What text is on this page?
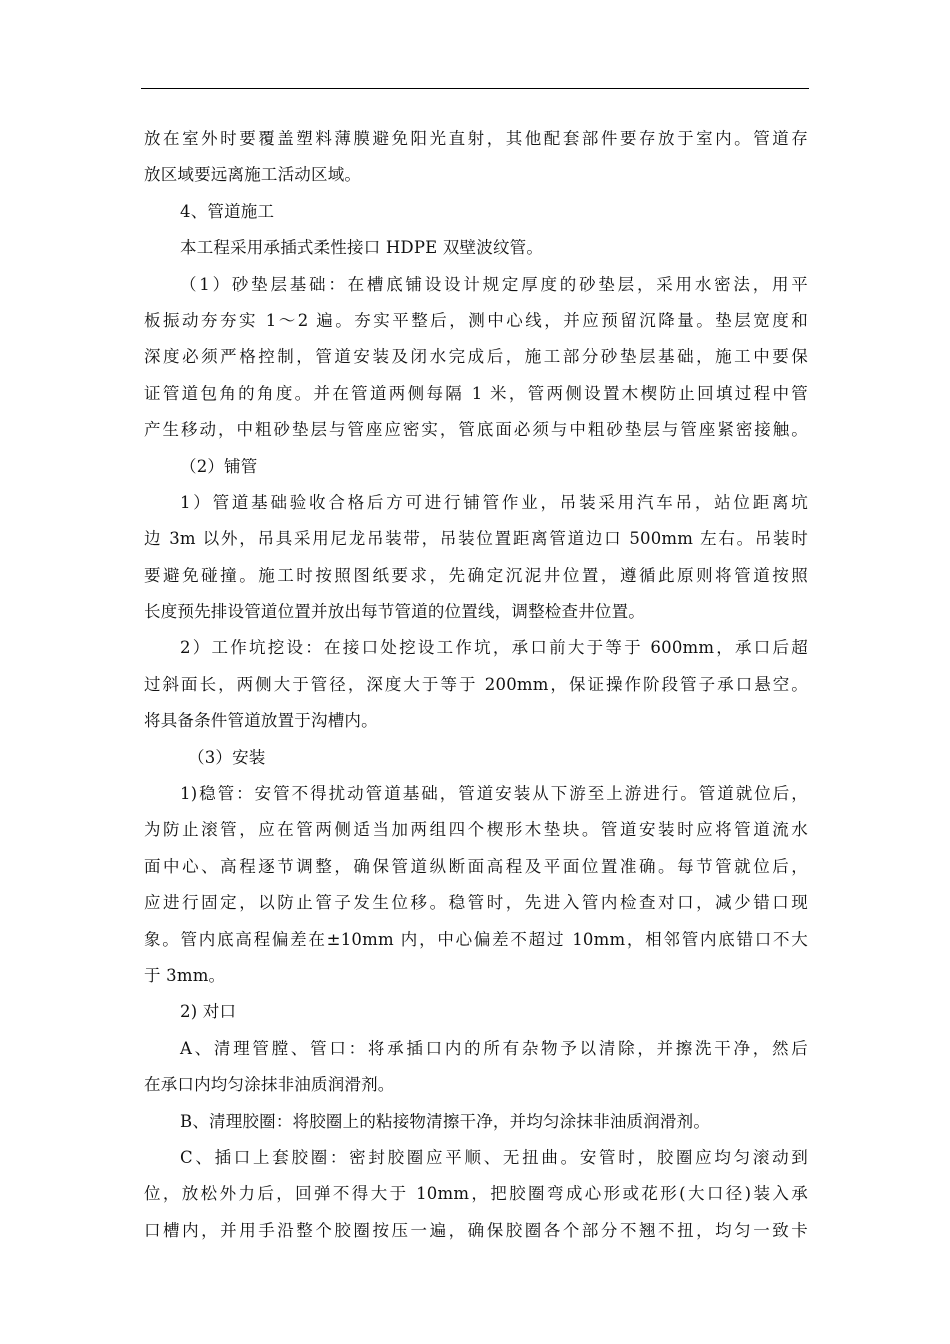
放在室外时要覆盖塑料薄膜避免阳光直射，其他配套部件要存放于室内。管道存
放区域要远离施工活动区域。
4、管道施工
本工程采用承插式柔性接口 HDPE 双壁波纹管。
（1）砂垫层基础：在槽底铺设设计规定厚度的砂垫层，采用水密法，用平
板振动夯夯实 1～2 遍。夯实平整后，测中心线，并应预留沉降量。垫层宽度和
深度必须严格控制，管道安装及闭水完成后，施工部分砂垫层基础，施工中要保
证管道包角的角度。并在管道两侧每隔 1 米，管两侧设置木楔防止回填过程中管
产生移动，中粗砂垫层与管座应密实，管底面必须与中粗砂垫层与管座紧密接触。
（2）铺管
1）管道基础验收合格后方可进行铺管作业，吊装采用汽车吊，站位距离坑
边 3m 以外，吊具采用尼龙吊装带，吊装位置距离管道边口 500mm 左右。吊装时
要避免碰撞。施工时按照图纸要求，先确定沉泥井位置，遵循此原则将管道按照
长度预先排设管道位置并放出每节管道的位置线，调整检查井位置。
2）工作坑挖设：在接口处挖设工作坑，承口前大于等于 600mm，承口后超
过斜面长，两侧大于管径，深度大于等于 200mm，保证操作阶段管子承口悬空。
将具备条件管道放置于沟槽内。
（3）安装
1)稳管：安管不得扰动管道基础，管道安装从下游至上游进行。管道就位后，
为防止滚管，应在管两侧适当加两组四个楔形木垫块。管道安装时应将管道流水
面中心、高程逐节调整，确保管道纵断面高程及平面位置准确。每节管就位后，
应进行固定，以防止管子发生位移。稳管时，先进入管内检查对口，减少错口现
象。管内底高程偏差在±10mm 内，中心偏差不超过 10mm，相邻管内底错口不大
于 3mm。
2) 对口
A、清理管膛、管口：将承插口内的所有杂物予以清除，并擦洗干净，然后
在承口内均匀涂抹非油质润滑剂。
B、清理胶圈：将胶圈上的粘接物清擦干净，并均匀涂抹非油质润滑剂。
C、插口上套胶圈：密封胶圈应平顺、无扭曲。安管时，胶圈应均匀滚动到
位，放松外力后，回弹不得大于 10mm，把胶圈弯成心形或花形(大口径)装入承
口槽内，并用手沿整个胶圈按压一遍，确保胶圈各个部分不翘不扭，均匀一致卡
